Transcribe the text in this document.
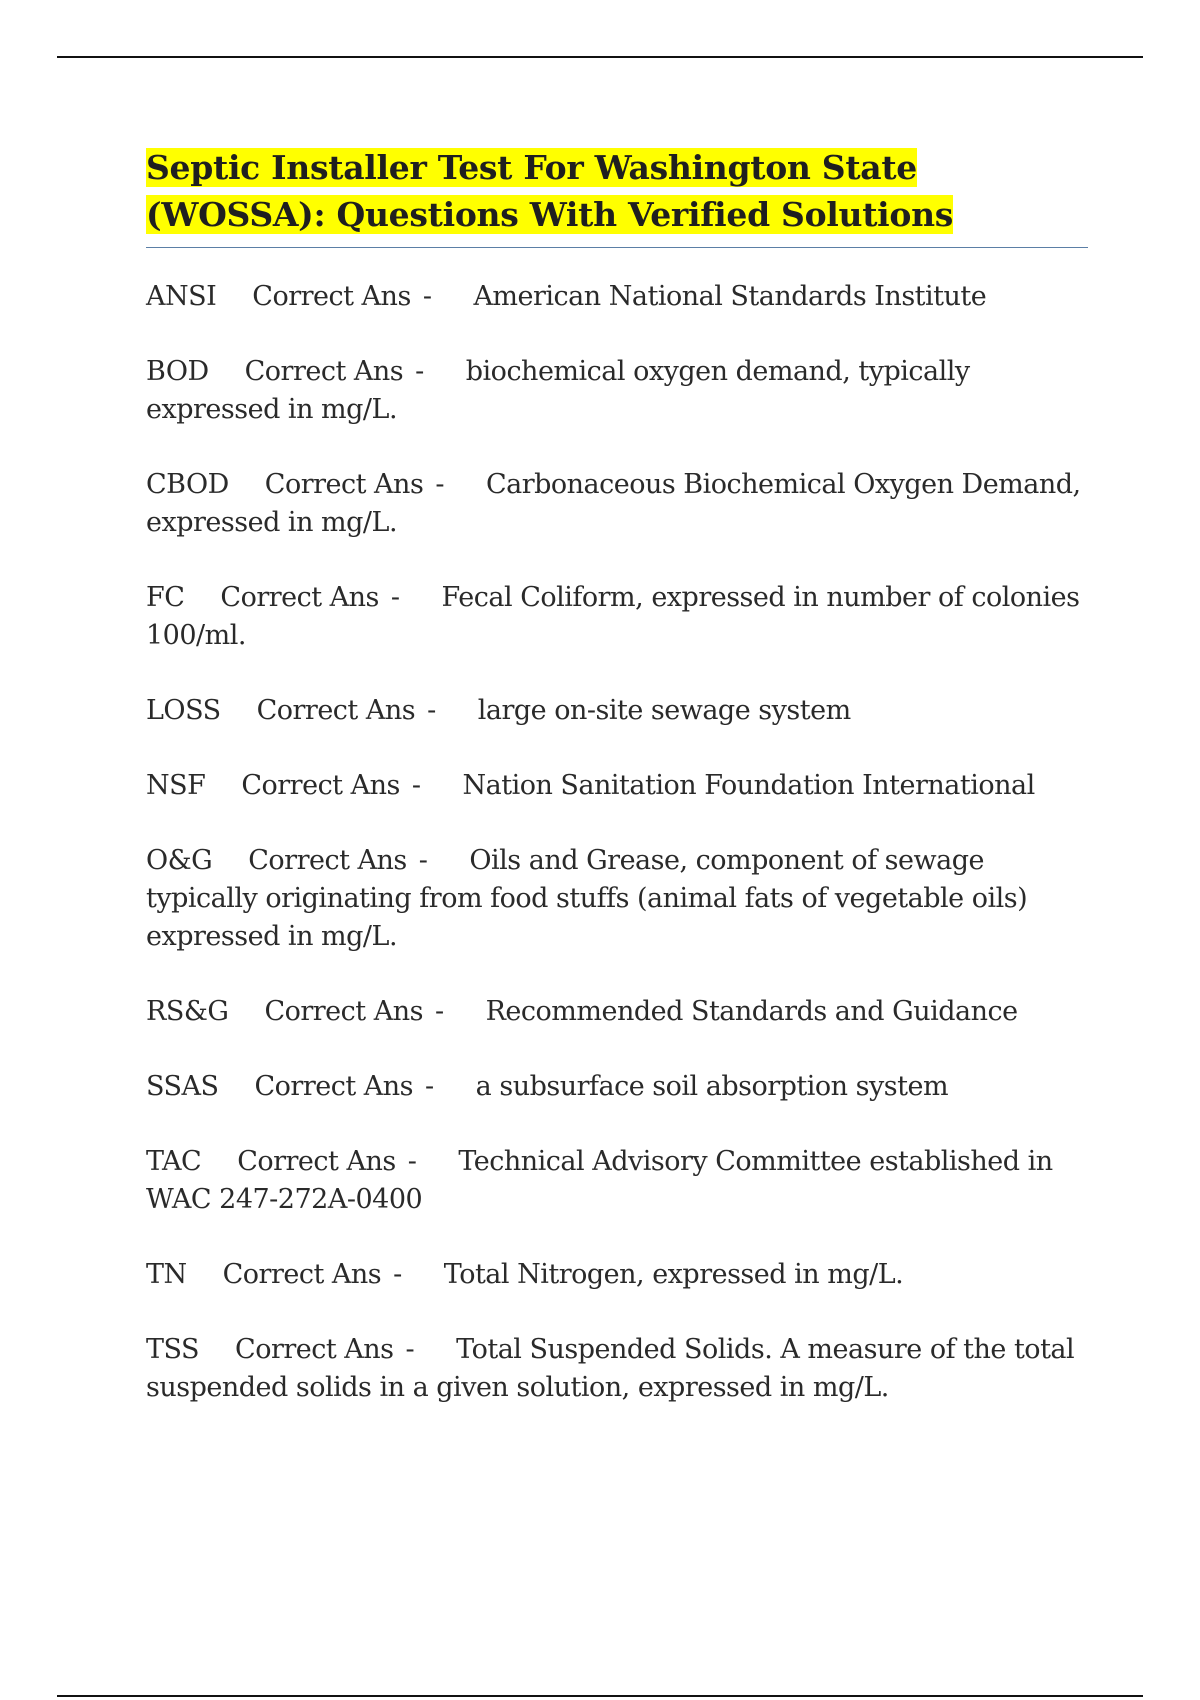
Septic Installer Test For Washington State (WOSSA): Questions With Verified Solutions

ANSI Correct Ans - American National Standards Institute

BOD Correct Ans - biochemical oxygen demand, typically expressed in mg/L.

CBOD Correct Ans - Carbonaceous Biochemical Oxygen Demand, expressed in mg/L.

FC Correct Ans - Fecal Coliform, expressed in number of colonies 100/ml.

LOSS Correct Ans - large on-site sewage system

NSF Correct Ans - Nation Sanitation Foundation International

O&G Correct Ans - Oils and Grease, component of sewage typically originating from food stuffs (animal fats of vegetable oils) expressed in mg/L.

RS&G Correct Ans - Recommended Standards and Guidance

SSAS Correct Ans - a subsurface soil absorption system

TAC Correct Ans - Technical Advisory Committee established in WAC 247-272A-0400

TN Correct Ans - Total Nitrogen, expressed in mg/L.

TSS Correct Ans - Total Suspended Solids. A measure of the total suspended solids in a given solution, expressed in mg/L.
